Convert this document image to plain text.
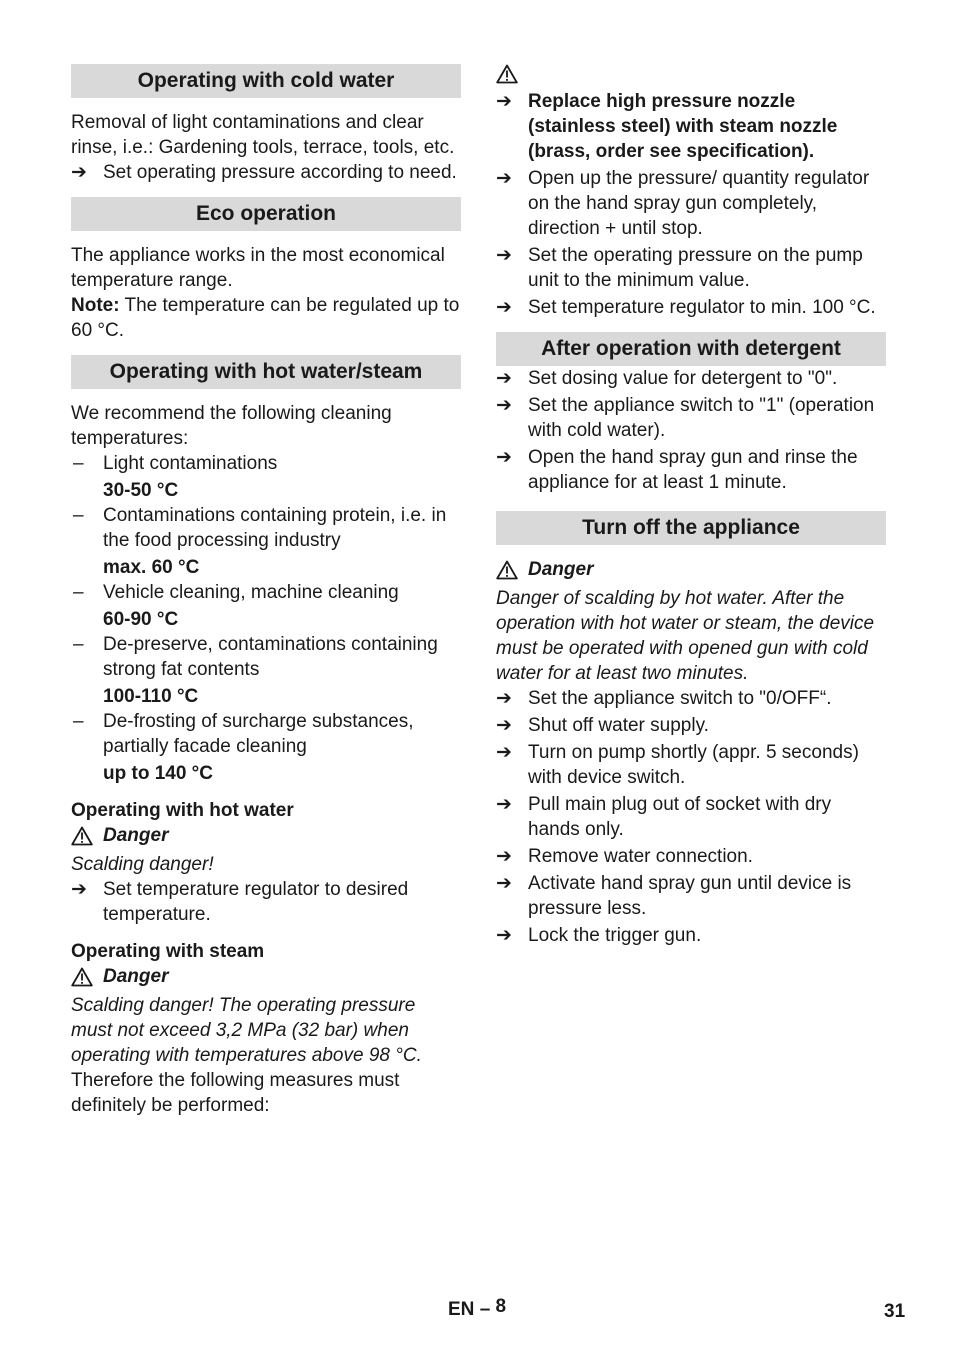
Operating with cold water

Removal of light contaminations and clear rinse, i.e.: Gardening tools, terrace, tools, etc.

➔ Set operating pressure according to need.
Eco operation

The appliance works in the most economical temperature range.

Note: The temperature can be regulated up to 60 °C.

Operating with hot water/steam

We recommend the following cleaning temperatures:

–	Light contaminations

30-50 °C

–	Contaminations containing protein, i.e. in the food processing industry

max. 60 °C

–	Vehicle cleaning, machine cleaning

60-90 °C

–	De-preserve, contaminations containing strong fat contents

100-110 °C

–	De-frosting of surcharge substances, partially facade cleaning

up to 140 °C

Operating with hot water

Danger

Scalding danger!

➔ Set temperature regulator to desired temperature.

Operating with steam

Danger

Scalding danger! The operating pressure must not exceed 3,2 MPa (32 bar) when operating with temperatures above 98 °C.

Therefore the following measures must definitely be performed:

➔ Replace high pressure nozzle (stainless steel) with steam nozzle (brass, order see specification).
➔ Open up the pressure/ quantity regulator on the hand spray gun completely, direction + until stop.
➔ Set the operating pressure on the pump unit to the minimum value.
➔ Set temperature regulator to min. 100 °C.
After operation with detergent
➔ Set dosing value for detergent to "0".
➔ Set the appliance switch to "1" (operation with cold water).
➔ Open the hand spray gun and rinse the appliance for at least 1 minute.
Turn off the appliance
Danger

Danger of scalding by hot water. After the operation with hot water or steam, the device must be operated with opened gun with cold water for at least two minutes.

➔ Set the appliance switch to "0/OFF“.
➔ Shut off water supply.
➔ Turn on pump shortly (appr. 5 seconds) with device switch.
➔ Pull main plug out of socket with dry hands only.
➔ Remove water connection.
➔ Activate hand spray gun until device is pressure less.
➔ Lock the trigger gun.
EN – 8	31
